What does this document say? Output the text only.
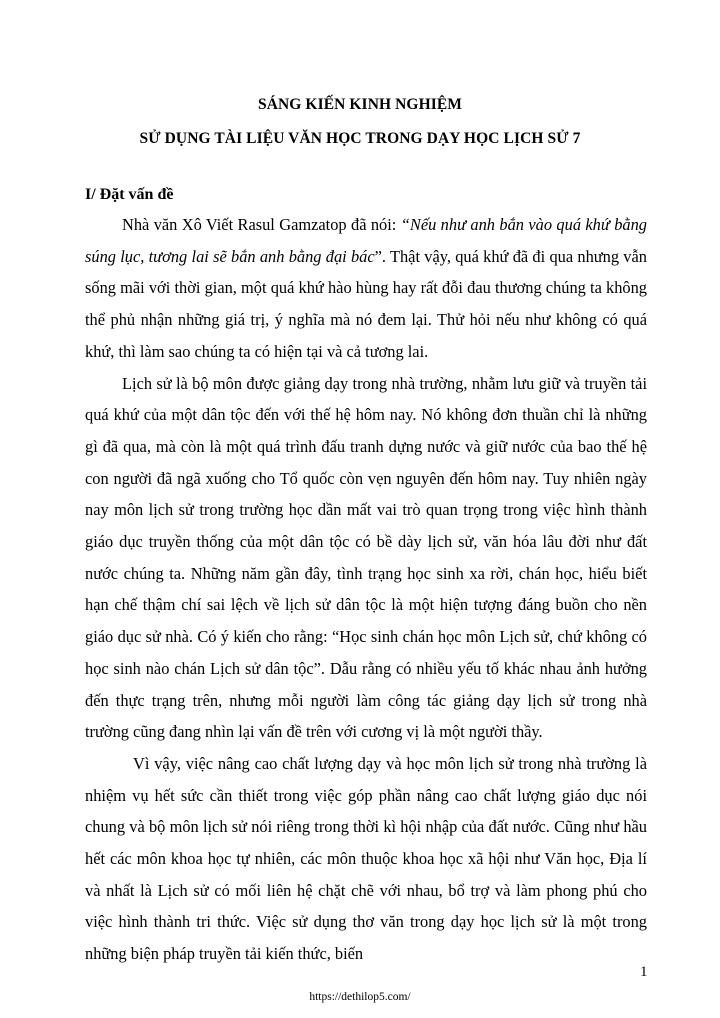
SÁNG KIẾN KINH NGHIỆM
SỬ DỤNG TÀI LIỆU VĂN HỌC TRONG DẠY HỌC LỊCH SỬ 7
I/ Đặt vấn đề

Nhà văn Xô Viết Rasul Gamzatop đã nói: “Nếu như anh bắn vào quá khứ bằng súng lục, tương lai sẽ bắn anh bằng đại bác”. Thật vậy, quá khứ đã đi qua nhưng vẫn sống mãi với thời gian, một quá khứ hào hùng hay rất đỗi đau thương chúng ta không thể phủ nhận những giá trị, ý nghĩa mà nó đem lại. Thử hỏi nếu như không có quá khứ, thì làm sao chúng ta có hiện tại và cả tương lai.

Lịch sử là bộ môn được giảng dạy trong nhà trường, nhằm lưu giữ và truyền tải quá khứ của một dân tộc đến với thế hệ hôm nay. Nó không đơn thuần chỉ là những gì đã qua, mà còn là một quá trình đấu tranh dựng nước và giữ nước của bao thế hệ con người đã ngã xuống cho Tổ quốc còn vẹn nguyên đến hôm nay. Tuy nhiên ngày nay môn lịch sử trong trường học dần mất vai trò quan trọng trong việc hình thành giáo dục truyền thống của một dân tộc có bề dày lịch sử, văn hóa lâu đời như đất nước chúng ta. Những năm gần đây, tình trạng học sinh xa rời, chán học, hiểu biết hạn chế thậm chí sai lệch về lịch sử dân tộc là một hiện tượng đáng buồn cho nền giáo dục sử nhà. Có ý kiến cho rằng: “Học sinh chán học môn Lịch sử, chứ không có học sinh nào chán Lịch sử dân tộc”. Dẫu rằng có nhiều yếu tố khác nhau ảnh hưởng đến thực trạng trên, nhưng mỗi người làm công tác giảng dạy lịch sử trong nhà trường cũng đang nhìn lại vấn đề trên với cương vị là một người thầy.

Vì vậy, việc nâng cao chất lượng dạy và học môn lịch sử trong nhà trường là nhiệm vụ hết sức cần thiết trong việc góp phần nâng cao chất lượng giáo dục nói chung và bộ môn lịch sử nói riêng trong thời kì hội nhập của đất nước. Cũng như hầu hết các môn khoa học tự nhiên, các môn thuộc khoa học xã hội như Văn học, Địa lí và nhất là Lịch sử có mối liên hệ chặt chẽ với nhau, bổ trợ và làm phong phú cho việc hình thành tri thức. Việc sử dụng thơ văn trong dạy học lịch sử là một trong những biện pháp truyền tải kiến thức, biến

1
https://dethilop5.com/
